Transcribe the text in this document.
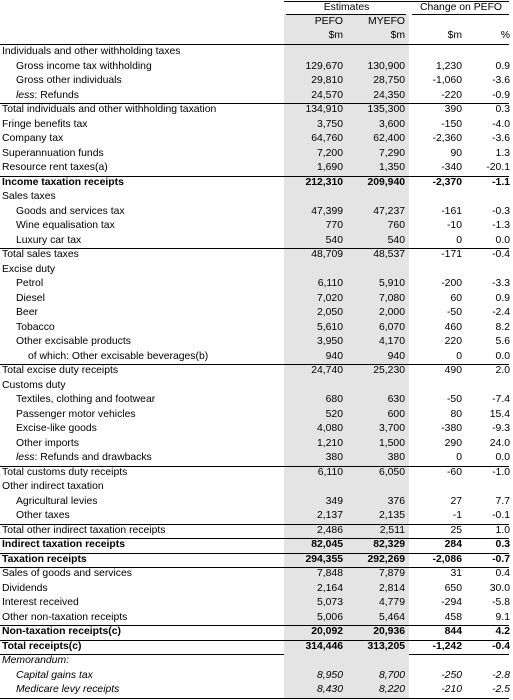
Estimates	Change on PEFO
PEFO	MYEFO
$m	$m	$m	%
Individuals and other withholding taxes
Gross income tax withholding	129,670	130,900	1,230	0.9
Gross other individuals	29,810	28,750	-1,060	-3.6
less: Refunds	24,570	24,350	-220	-0.9
Total individuals and other withholding taxation	134,910	135,300	390	0.3
Fringe benefits tax	3,750	3,600	-150	-4.0
Company tax	64,760	62,400	-2,360	-3.6
Superannuation funds	7,200	7,290	90	1.3
Resource rent taxes(a)	1,690	1,350	-340	-20.1
Income taxation receipts	212,310	209,940	-2,370	-1.1
Sales taxes
Goods and services tax	47,399	47,237	-161	-0.3
Wine equalisation tax	770	760	-10	-1.3
Luxury car tax	540	540	0	0.0
Total sales taxes	48,709	48,537	-171	-0.4
Excise duty
Petrol	6,110	5,910	-200	-3.3
Diesel	7,020	7,080	60	0.9
Beer	2,050	2,000	-50	-2.4
Tobacco	5,610	6,070	460	8.2
Other excisable products	3,950	4,170	220	5.6
of which: Other excisable beverages(b)	940	940	0	0.0
Total excise duty receipts	24,740	25,230	490	2.0
Customs duty
Textiles, clothing and footwear	680	630	-50	-7.4
Passenger motor vehicles	520	600	80	15.4
Excise-like goods	4,080	3,700	-380	-9.3
Other imports	1,210	1,500	290	24.0
less: Refunds and drawbacks	380	380	0	0.0
Total customs duty receipts	6,110	6,050	-60	-1.0
Other indirect taxation
Agricultural levies	349	376	27	7.7
Other taxes	2,137	2,135	-1	-0.1
Total other indirect taxation receipts	2,486	2,511	25	1.0
Indirect taxation receipts	82,045	82,329	284	0.3
Taxation receipts	294,355	292,269	-2,086	-0.7
Sales of goods and services	7,848	7,879	31	0.4
Dividends	2,164	2,814	650	30.0
Interest received	5,073	4,779	-294	-5.8
Other non-taxation receipts	5,006	5,464	458	9.1
Non-taxation receipts(c)	20,092	20,936	844	4.2
Total receipts(c)	314,446	313,205	-1,242	-0.4
Memorandum:
Capital gains tax	8,950	8,700	-250	-2.8
Medicare levy receipts	8,430	8,220	-210	-2.5
